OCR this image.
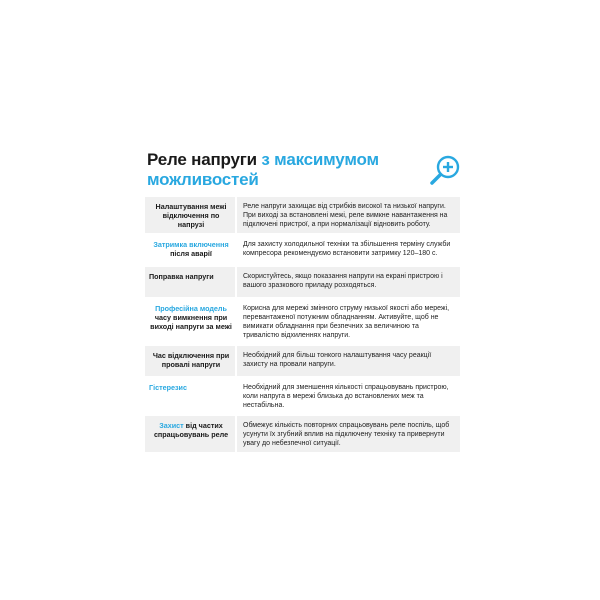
Реле напруги з максимумом
можливостей
Налаштування межі відключення по напрузі
Реле напруги захищає від стрибків високої та низької напруги. При виході за встановлені межі, реле вимкне навантаження на підключені пристрої, а при нормалізації відновить роботу.
Затримка включення
після аварії
Для захисту холодильної техніки та збільшення терміну служби компресора рекомендуємо встановити затримку 120–180 с.
Поправка напруги	Скористуйтесь, якщо показання напруги на екрані пристрою і вашого зразкового приладу розходяться.
Професійна модель
часу вимкнення при виході напруги за межі
Корисна для мережі змінного струму низької якості або мережі, перевантаженої потужним обладнанням. Активуйте, щоб не вимикати обладнання при безпечних за величиною та тривалістю відхиленнях напруги.
Час відключення при провалі напруги
Необхідний для більш тонкого налаштування часу реакції захисту на провали напруги.
Гістерезис	Необхідний для зменшення кількості спрацьовувань пристрою, коли напруга в мережі близька до встановлених меж та нестабільна.
Захист від частих спрацьовувань реле
Обмежує кількість повторних спрацьовувань реле поспіль, щоб усунути їх згубний вплив на підключену техніку та привернути увагу до небезпечної ситуації.
